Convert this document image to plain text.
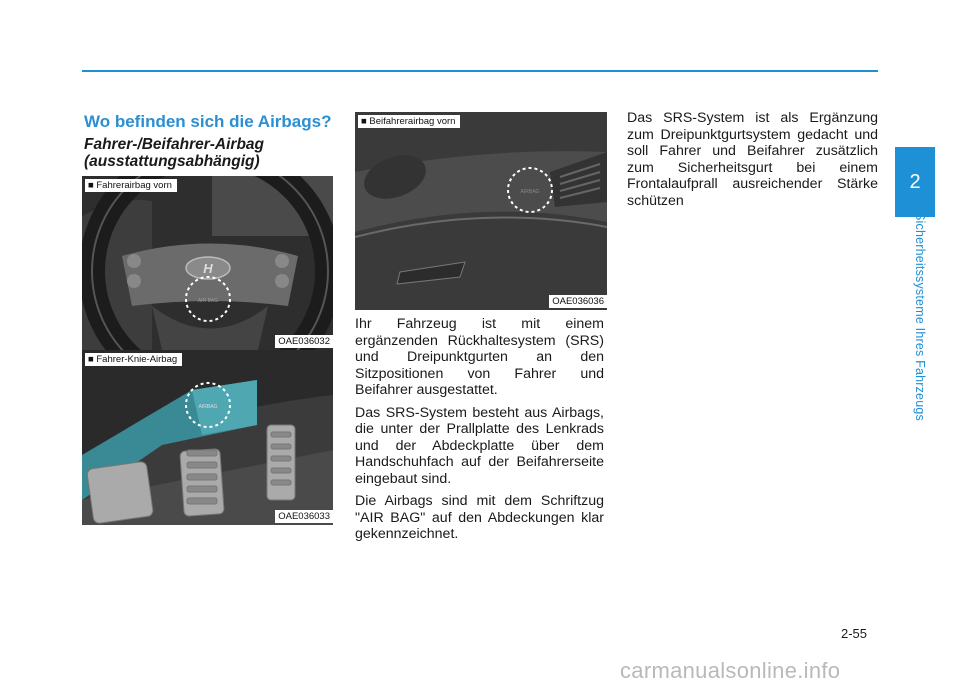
Wo befinden sich die Airbags?
Fahrer-/Beifahrer-Airbag
(ausstattungsabhängig)
H
AIR BAG
■ Fahrerairbag vorn
OAE036032
AIRBAG
■ Fahrer-Knie-Airbag
OAE036033
AIRBAG
■ Beifahrerairbag vorn
OAE036036

Ihr Fahrzeug ist mit einem ergänzenden Rückhaltesystem (SRS) und Dreipunktgurten an den Sitzpositionen von Fahrer und Beifahrer ausgestattet.

Das SRS-System besteht aus Airbags, die unter der Prallplatte des Lenkrads und der Abdeckplatte über dem Handschuhfach auf der Beifahrerseite eingebaut sind.

Die Airbags sind mit dem Schriftzug "AIR BAG" auf den Abdeckungen klar gekennzeichnet.

Das SRS-System ist als Ergänzung zum Dreipunktgurtsystem gedacht und soll Fahrer und Beifahrer zusätzlich zum Sicherheitsgurt bei einem Frontalaufprall ausreichender Stärke schützen

2
Sicherheitssysteme Ihres Fahrzeugs
2-55
carmanualsonline.info
